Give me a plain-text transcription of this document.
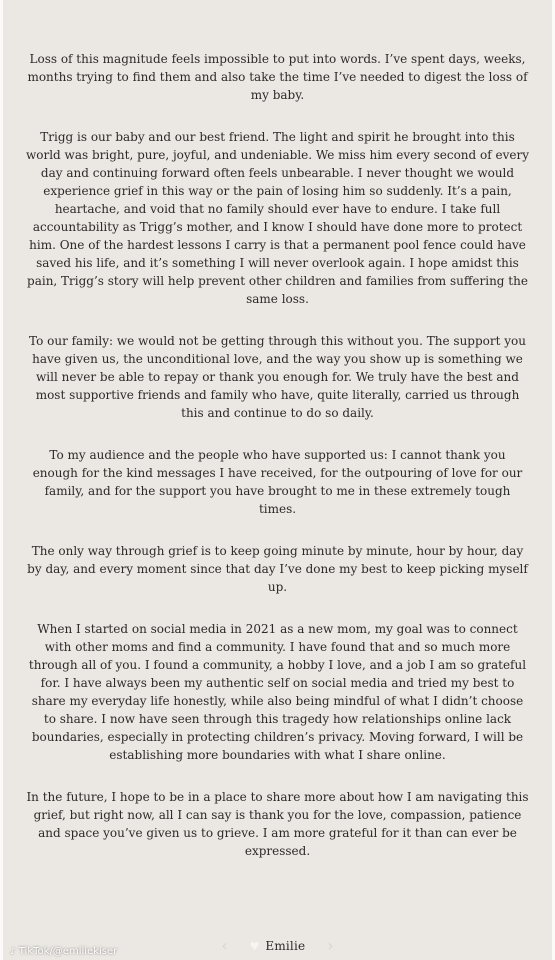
Loss of this magnitude feels impossible to put into words. I’ve spent days, weeks, months trying to find them and also take the time I’ve needed to digest the loss of my baby.

Trigg is our baby and our best friend. The light and spirit he brought into this world was bright, pure, joyful, and undeniable. We miss him every second of every day and continuing forward often feels unbearable. I never thought we would experience grief in this way or the pain of losing him so suddenly. It’s a pain, heartache, and void that no family should ever have to endure. I take full accountability as Trigg’s mother, and I know I should have done more to protect him. One of the hardest lessons I carry is that a permanent pool fence could have saved his life, and it’s something I will never overlook again. I hope amidst this pain, Trigg’s story will help prevent other children and families from suffering the same loss.

To our family: we would not be getting through this without you. The support you have given us, the unconditional love, and the way you show up is something we will never be able to repay or thank you enough for. We truly have the best and most supportive friends and family who have, quite literally, carried us through this and continue to do so daily.

To my audience and the people who have supported us: I cannot thank you enough for the kind messages I have received, for the outpouring of love for our family, and for the support you have brought to me in these extremely tough times.

The only way through grief is to keep going minute by minute, hour by hour, day by day, and every moment since that day I’ve done my best to keep picking myself up.

When I started on social media in 2021 as a new mom, my goal was to connect with other moms and find a community. I have found that and so much more through all of you. I found a community, a hobby I love, and a job I am so grateful for. I have always been my authentic self on social media and tried my best to share my everyday life honestly, while also being mindful of what I didn’t choose to share. I now have seen through this tragedy how relationships online lack boundaries, especially in protecting children’s privacy. Moving forward, I will be establishing more boundaries with what I share online.

In the future, I hope to be in a place to share more about how I am navigating this grief, but right now, all I can say is thank you for the love, compassion, patience and space you’ve given us to grieve. I am more grateful for it than can ever be expressed.

‹	♥ Emilie	›
♪ TikTok/@emiliekiser
